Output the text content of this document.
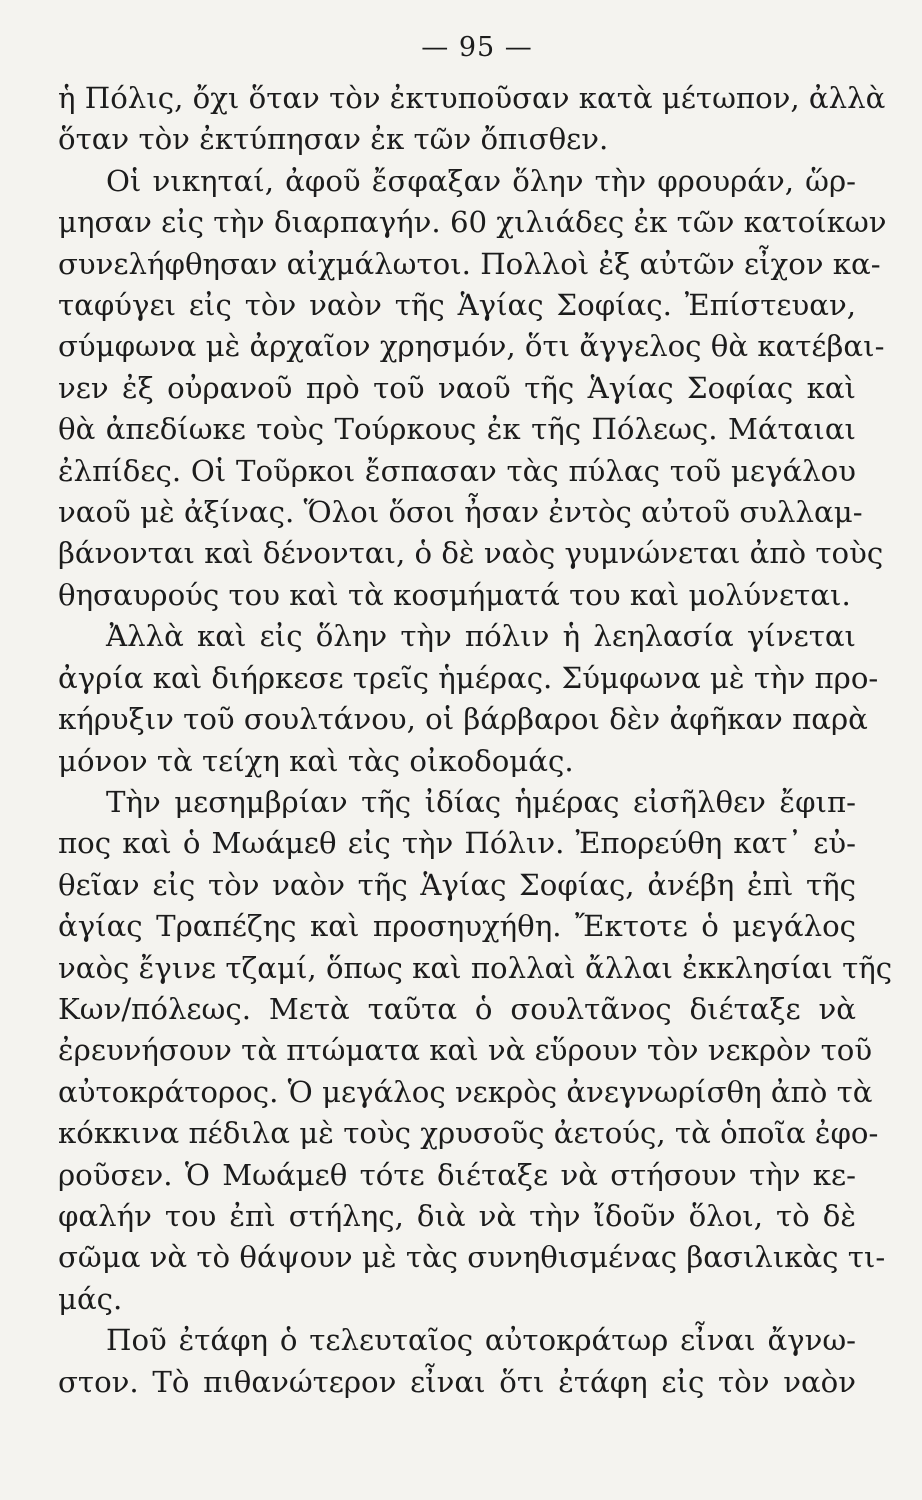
— 95 —
ἡ Πόλις, ὄχι ὅταν τὸν ἐκτυποῦσαν κατὰ μέτωπον, ἀλλὰ
ὅταν τὸν ἐκτύπησαν ἐκ τῶν ὄπισθεν.
Οἱ νικηταί, ἀφοῦ ἔσφαξαν ὅλην τὴν φρουράν, ὥρ-
μησαν εἰς τὴν διαρπαγήν. 60 χιλιάδες ἐκ τῶν κατοίκων
συνελήφθησαν αἰχμάλωτοι. Πολλοὶ ἐξ αὐτῶν εἶχον κα-
ταφύγει εἰς τὸν ναὸν τῆς Ἁγίας Σοφίας. Ἐπίστευαν,
σύμφωνα μὲ ἀρχαῖον χρησμόν, ὅτι ἄγγελος θὰ κατέβαι-
νεν ἐξ οὐρανοῦ πρὸ τοῦ ναοῦ τῆς Ἁγίας Σοφίας καὶ
θὰ ἀπεδίωκε τοὺς Τούρκους ἐκ τῆς Πόλεως. Μάταιαι
ἐλπίδες. Οἱ Τοῦρκοι ἔσπασαν τὰς πύλας τοῦ μεγάλου
ναοῦ μὲ ἀξίνας. Ὅλοι ὅσοι ἦσαν ἐντὸς αὐτοῦ συλλαμ-
βάνονται καὶ δένονται, ὁ δὲ ναὸς γυμνώνεται ἀπὸ τοὺς
θησαυρούς του καὶ τὰ κοσμήματά του καὶ μολύνεται.
Ἀλλὰ καὶ εἰς ὅλην τὴν πόλιν ἡ λεηλασία γίνεται
ἀγρία καὶ διήρκεσε τρεῖς ἡμέρας. Σύμφωνα μὲ τὴν προ-
κήρυξιν τοῦ σουλτάνου, οἱ βάρβαροι δὲν ἀφῆκαν παρὰ
μόνον τὰ τείχη καὶ τὰς οἰκοδομάς.
Τὴν μεσημβρίαν τῆς ἰδίας ἡμέρας εἰσῆλθεν ἔφιπ-
πος καὶ ὁ Μωάμεθ εἰς τὴν Πόλιν. Ἐπορεύθη κατ᾽ εὐ-
θεῖαν εἰς τὸν ναὸν τῆς Ἁγίας Σοφίας, ἀνέβη ἐπὶ τῆς
ἁγίας Τραπέζης καὶ προσηυχήθη. Ἔκτοτε ὁ μεγάλος
ναὸς ἔγινε τζαμί, ὅπως καὶ πολλαὶ ἄλλαι ἐκκλησίαι τῆς
Κων/πόλεως. Μετὰ ταῦτα ὁ σουλτᾶνος διέταξε νὰ
ἐρευνήσουν τὰ πτώματα καὶ νὰ εὕρουν τὸν νεκρὸν τοῦ
αὐτοκράτορος. Ὁ μεγάλος νεκρὸς ἀνεγνωρίσθη ἀπὸ τὰ
κόκκινα πέδιλα μὲ τοὺς χρυσοῦς ἀετούς, τὰ ὁποῖα ἐφο-
ροῦσεν. Ὁ Μωάμεθ τότε διέταξε νὰ στήσουν τὴν κε-
φαλήν του ἐπὶ στήλης, διὰ νὰ τὴν ἴδοῦν ὅλοι, τὸ δὲ
σῶμα νὰ τὸ θάψουν μὲ τὰς συνηθισμένας βασιλικὰς τι-
μάς.
Ποῦ ἐτάφη ὁ τελευταῖος αὐτοκράτωρ εἶναι ἄγνω-
στον. Τὸ πιθανώτερον εἶναι ὅτι ἐτάφη εἰς τὸν ναὸν
